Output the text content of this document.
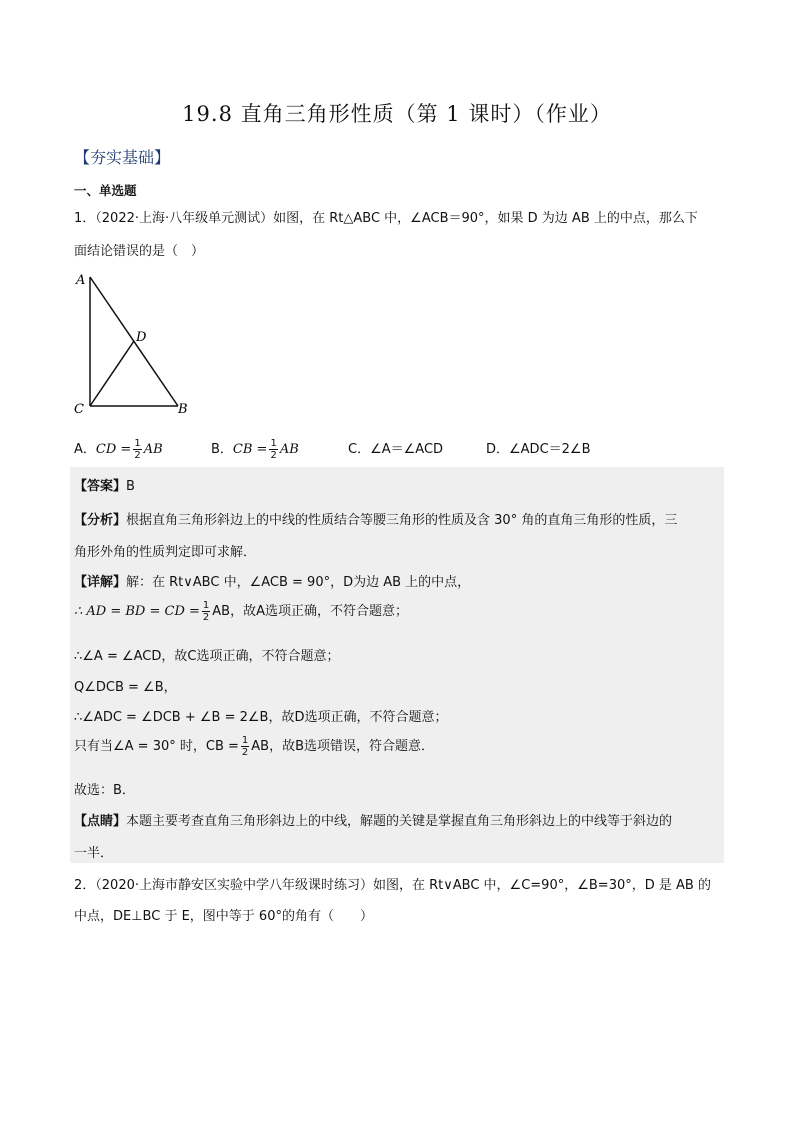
19.8 直角三角形性质（第 1 课时）（作业）
【夯实基础】
一、单选题
1．（2022·上海·八年级单元测试）如图，在 Rt△ABC 中，∠ACB＝90°，如果 D 为边 AB 上的中点，那么下
面结论错误的是（　）
A
D
C	B
A．CD = $\frac{1}{2}$ AB	B．CB = $\frac{1}{2}$ AB	C．∠A＝∠ACD	D．∠ADC＝2∠B
【答案】B
【分析】根据直角三角形斜边上的中线的性质结合等腰三角形的性质及含 30° 角的直角三角形的性质，三
角形外角的性质判定即可求解．
【详解】解：在 Rt∨ABC 中，∠ACB = 90°，D为边 AB 上的中点，
∴ AD = BD = CD = $\frac{1}{2}$ AB，故A选项正确，不符合题意；
∴∠A = ∠ACD，故C选项正确，不符合题意；
Q∠DCB = ∠B，
∴∠ADC = ∠DCB + ∠B = 2∠B，故D选项正确，不符合题意；
只有当∠A = 30° 时，CB = $\frac{1}{2}$ AB，故B选项错误，符合题意．
故选：B．
【点睛】本题主要考查直角三角形斜边上的中线，解题的关键是掌握直角三角形斜边上的中线等于斜边的
一半．
2．（2020·上海市静安区实验中学八年级课时练习）如图，在 Rt∨ABC 中，∠C=90°，∠B=30°，D 是 AB 的
中点，DE⊥BC 于 E，图中等于 60°的角有（　　）
